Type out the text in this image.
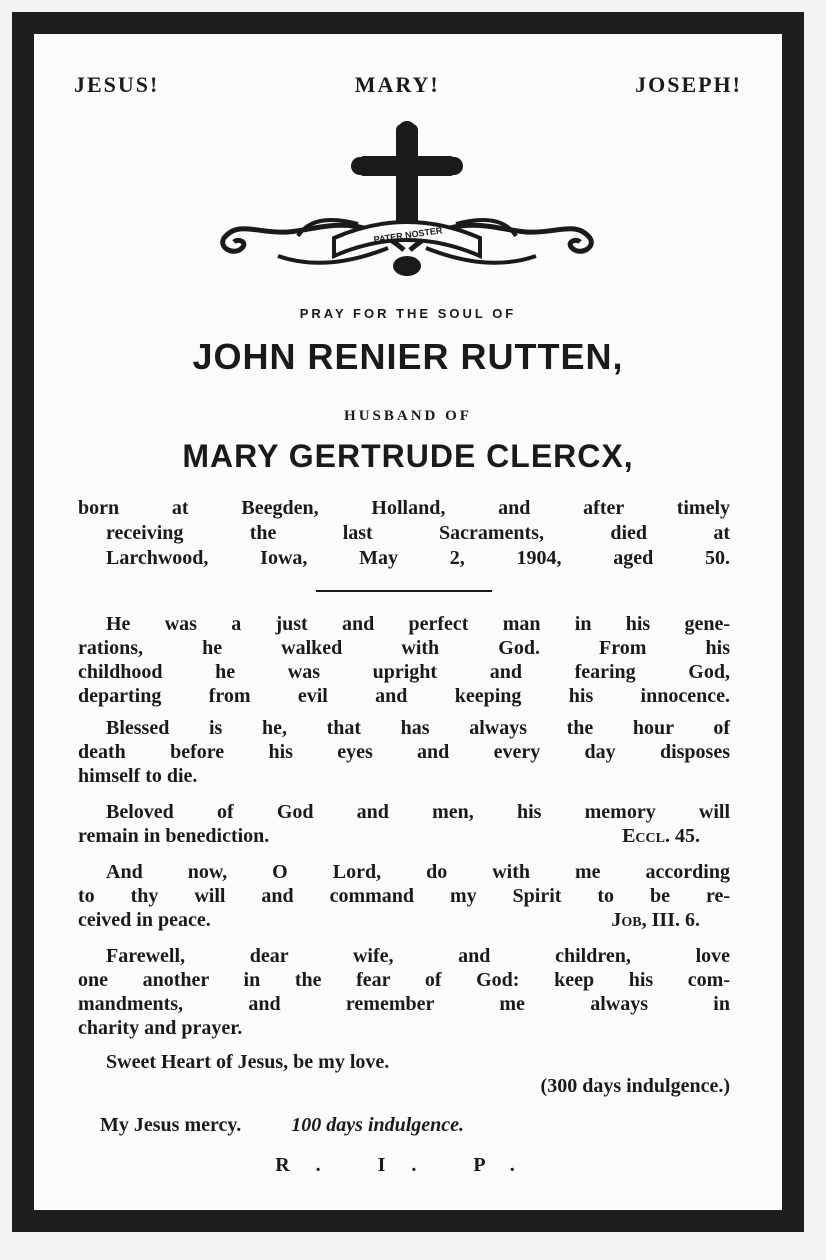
JESUS!	MARY!	JOSEPH!
PATER NOSTER
PRAY FOR THE SOUL OF
JOHN RENIER RUTTEN,
HUSBAND OF
MARY GERTRUDE CLERCX,
born at Beegden, Holland, and after timely
receiving the last Sacraments, died at
Larchwood, Iowa, May 2, 1904, aged 50.
He was a just and perfect man in his gene-
rations, he walked with God. From his
childhood he was upright and fearing God,
departing from evil and keeping his innocence.
Blessed is he, that has always the hour of
death before his eyes and every day disposes
himself to die.
Beloved of God and men, his memory will
remain in benediction.	Eccl. 45.
And now, O Lord, do with me according
to thy will and command my Spirit to be re-
ceived in peace.	Job, III. 6.
Farewell, dear wife, and children, love
one another in the fear of God: keep his com-
mandments, and remember me always in
charity and prayer.
Sweet Heart of Jesus, be my love.
(300 days indulgence.)
My Jesus mercy.	100 days indulgence.
R. I. P.
